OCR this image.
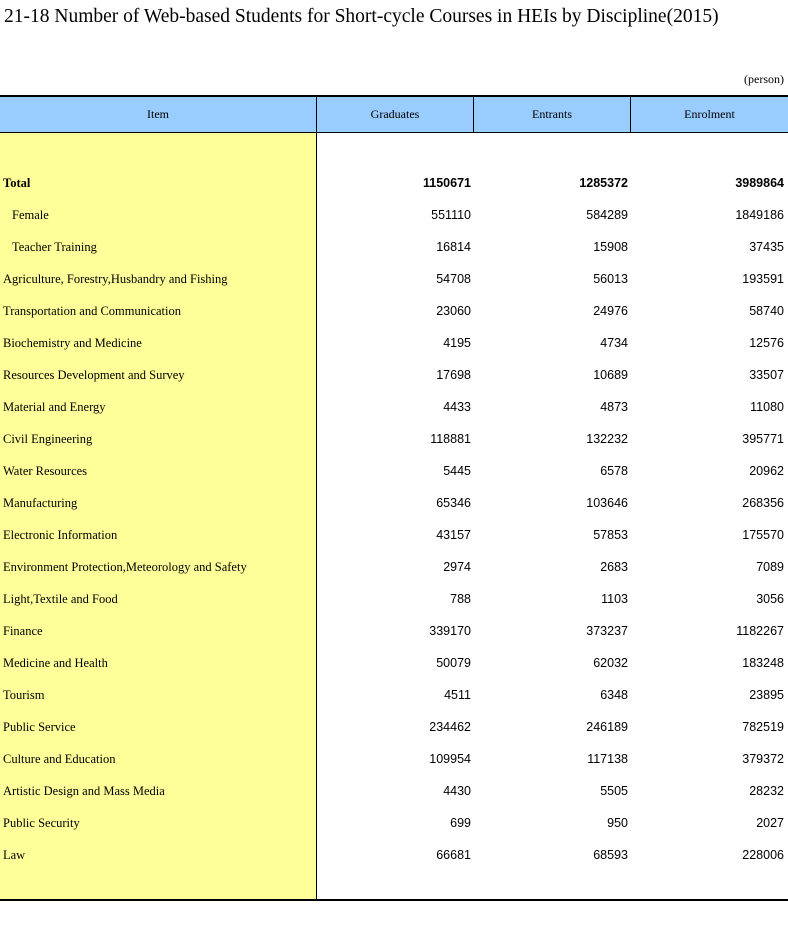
21-18 Number of Web-based Students for Short-cycle Courses in HEIs by Discipline(2015)
(person)
Item	Graduates	Entrants	Enrolment
Total	1150671	1285372	3989864
Female	551110	584289	1849186
Teacher Training	16814	15908	37435
Agriculture, Forestry,Husbandry and Fishing	54708	56013	193591
Transportation and Communication	23060	24976	58740
Biochemistry and Medicine	4195	4734	12576
Resources Development and Survey	17698	10689	33507
Material and Energy	4433	4873	11080
Civil Engineering	118881	132232	395771
Water Resources	5445	6578	20962
Manufacturing	65346	103646	268356
Electronic Information	43157	57853	175570
Environment Protection,Meteorology and Safety	2974	2683	7089
Light,Textile and Food	788	1103	3056
Finance	339170	373237	1182267
Medicine and Health	50079	62032	183248
Tourism	4511	6348	23895
Public Service	234462	246189	782519
Culture and Education	109954	117138	379372
Artistic Design and Mass Media	4430	5505	28232
Public Security	699	950	2027
Law	66681	68593	228006
